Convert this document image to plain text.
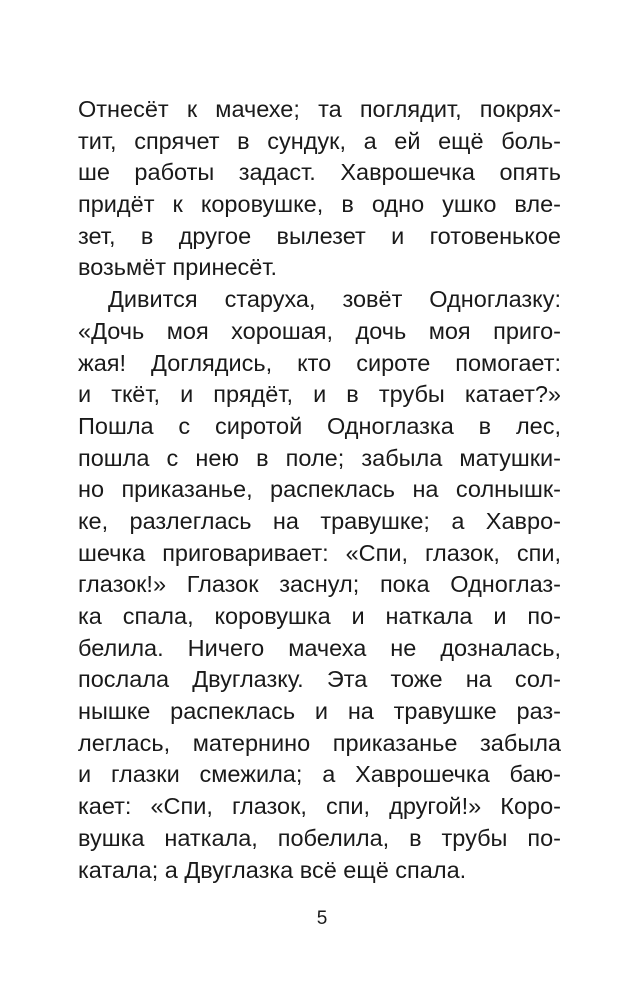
Отнесёт к мачехе; та поглядит, покрях-
тит, спрячет в сундук, а ей ещё боль-
ше работы задаст. Хаврошечка опять
придёт к коровушке, в одно ушко вле-
зет, в другое вылезет и готовенькое
возьмёт принесёт.
Дивится старуха, зовёт Одноглазку:
«Дочь моя хорошая, дочь моя приго-
жая! Доглядись, кто сироте помогает:
и ткёт, и прядёт, и в трубы катает?»
Пошла с сиротой Одноглазка в лес,
пошла с нею в поле; забыла матушки-
но приказанье, распеклась на солнышк-
ке, разлеглась на травушке; а Хавро-
шечка приговаривает: «Спи, глазок, спи,
глазок!» Глазок заснул; пока Одноглаз-
ка спала, коровушка и наткала и по-
белила. Ничего мачеха не дозналась,
послала Двуглазку. Эта тоже на сол-
нышке распеклась и на травушке раз-
леглась, матернино приказанье забыла
и глазки смежила; а Хаврошечка баю-
кает: «Спи, глазок, спи, другой!» Коро-
вушка наткала, побелила, в трубы по-
катала; а Двуглазка всё ещё спала.
5
